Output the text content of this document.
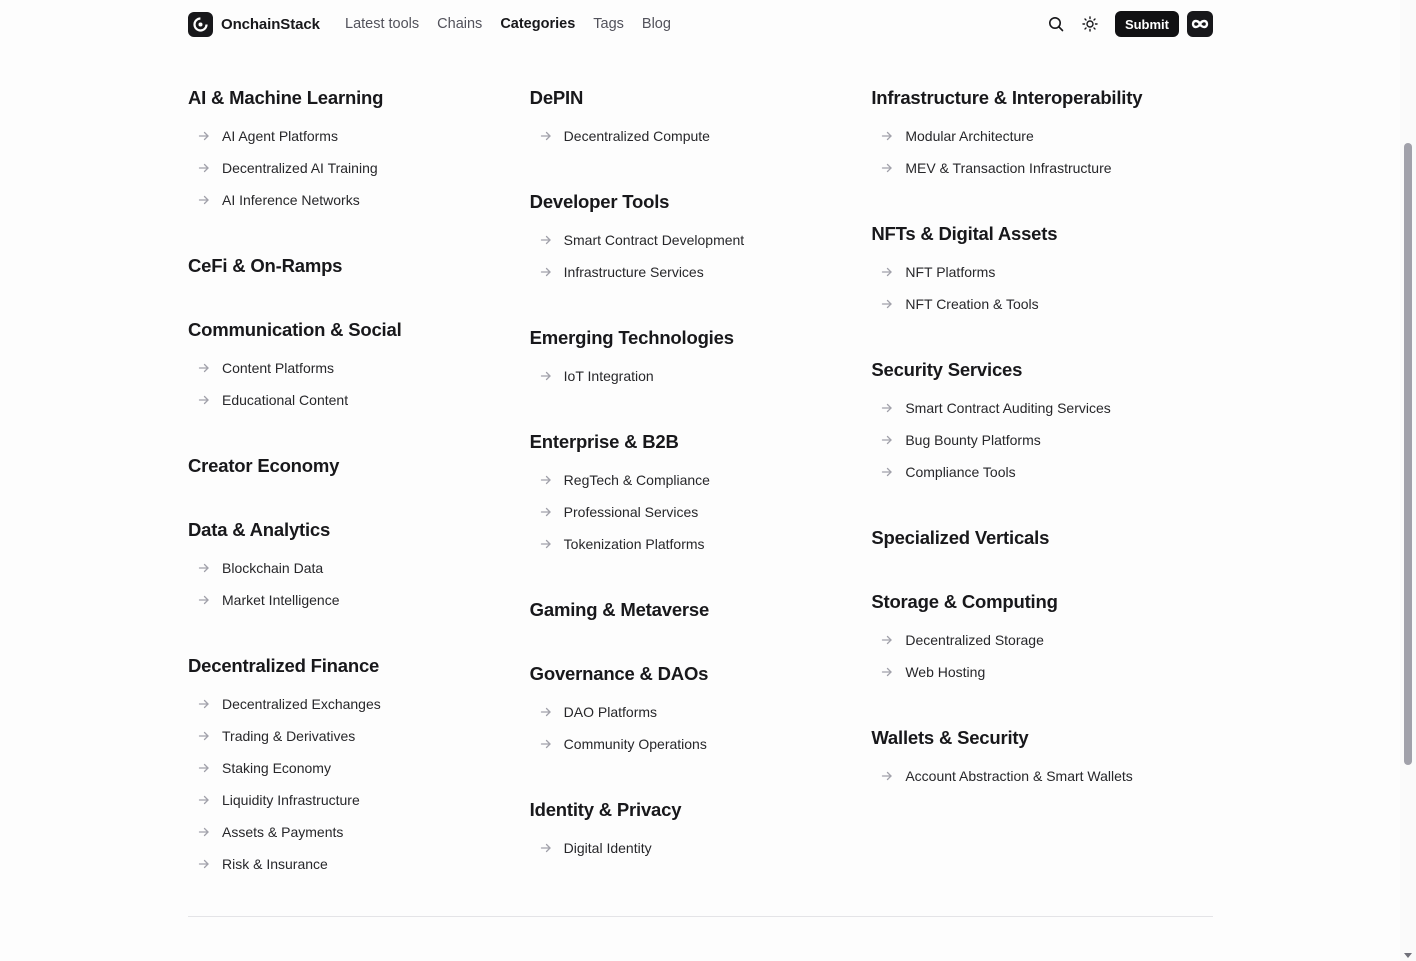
OnchainStack Latest tools Chains Categories Tags Blog	Submit
AI & Machine Learning
AI Agent Platforms
Decentralized AI Training
AI Inference Networks
CeFi & On-Ramps
Communication & Social
Content Platforms
Educational Content
Creator Economy
Data & Analytics
Blockchain Data
Market Intelligence
Decentralized Finance
Decentralized Exchanges
Trading & Derivatives
Staking Economy
Liquidity Infrastructure
Assets & Payments
Risk & Insurance
DePIN
Decentralized Compute
Developer Tools
Smart Contract Development
Infrastructure Services
Emerging Technologies
IoT Integration
Enterprise & B2B
RegTech & Compliance
Professional Services
Tokenization Platforms
Gaming & Metaverse
Governance & DAOs
DAO Platforms
Community Operations
Identity & Privacy
Digital Identity
Infrastructure & Interoperability
Modular Architecture
MEV & Transaction Infrastructure
NFTs & Digital Assets
NFT Platforms
NFT Creation & Tools
Security Services
Smart Contract Auditing Services
Bug Bounty Platforms
Compliance Tools
Specialized Verticals
Storage & Computing
Decentralized Storage
Web Hosting
Wallets & Security
Account Abstraction & Smart Wallets
